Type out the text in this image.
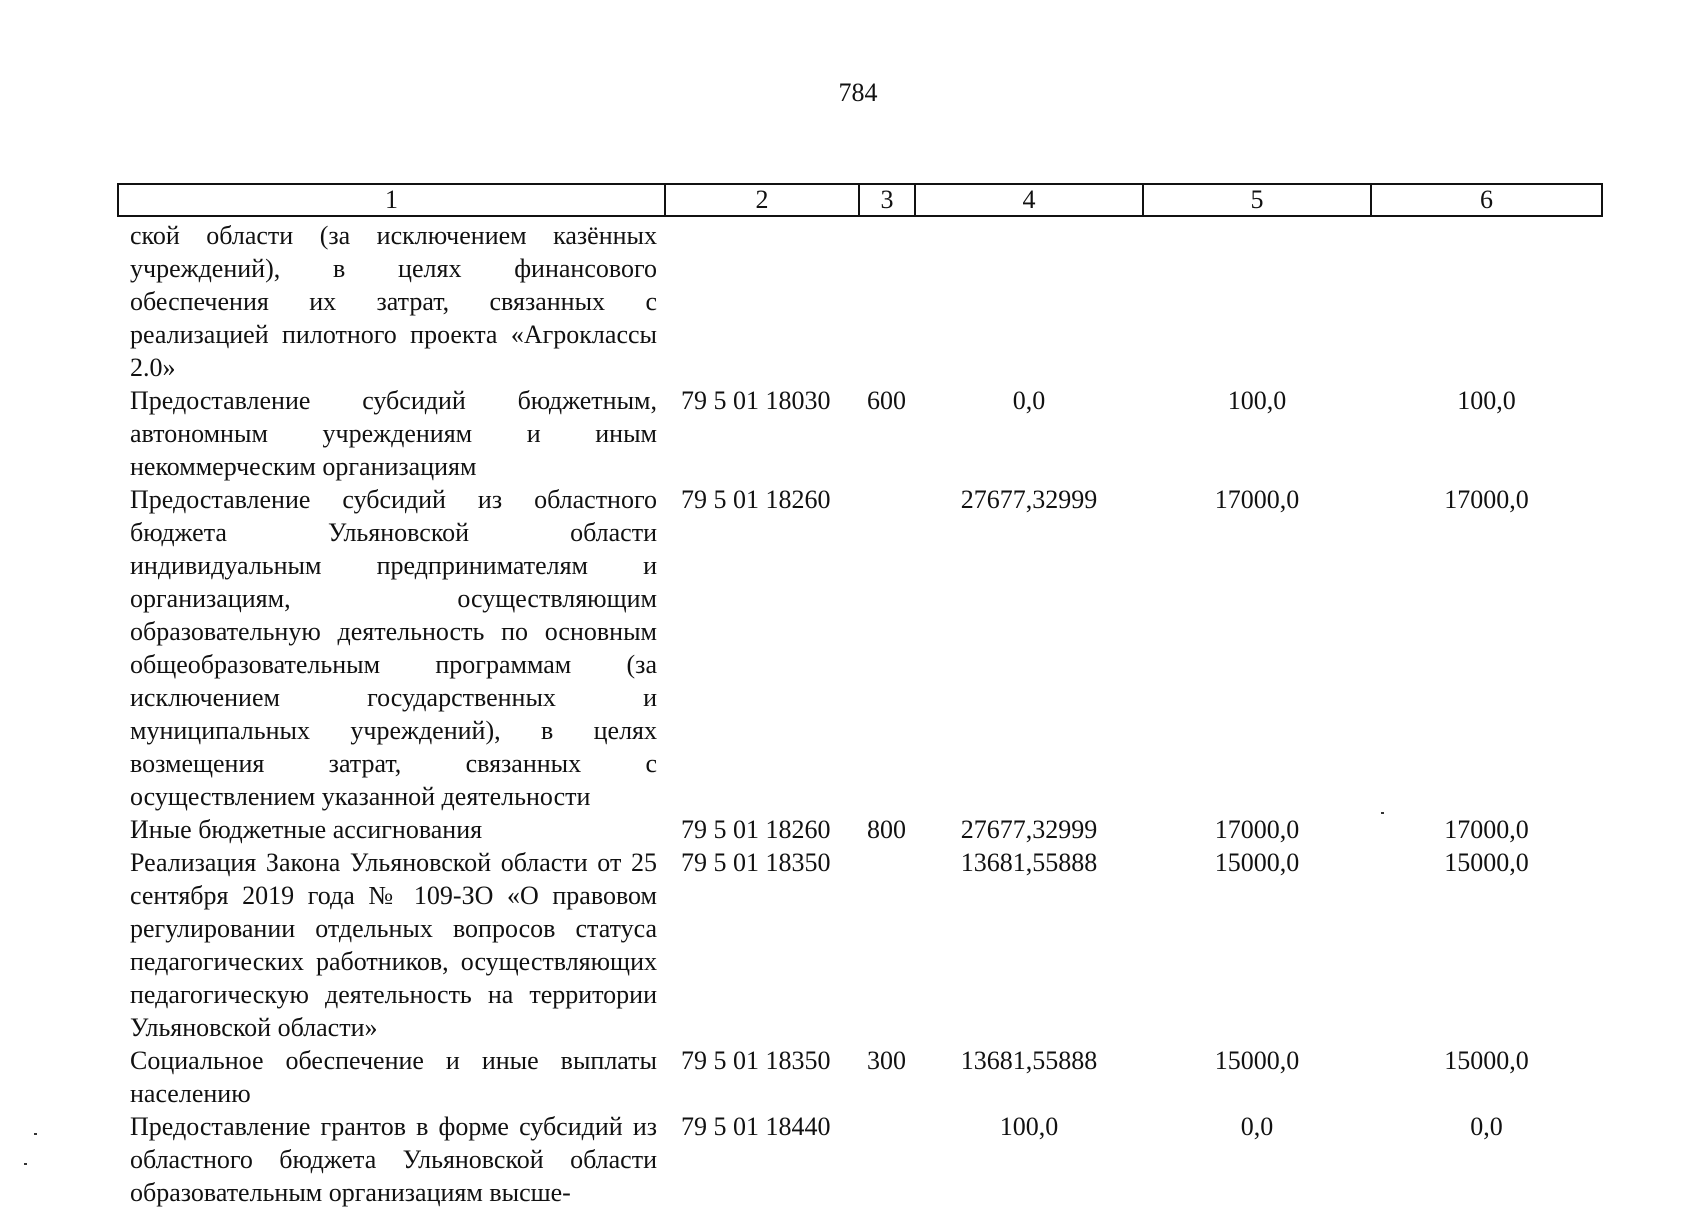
784
1	2	3	4	5	6
ской области (за исключением казённых учреждений), в целях финансового обеспечения их затрат, связанных с реализацией пилотного проекта «Агроклассы 2.0»					
Предоставление субсидий бюджетным, автономным учреждениям и иным некоммерческим организациям	79 5 01 18030	600	0,0	100,0	100,0
Предоставление субсидий из областного бюджета Ульяновской области индивидуальным предпринимателям и организациям, осуществляющим образовательную деятельность по основным общеобразовательным программам (за исключением государственных и муниципальных учреждений), в целях возмещения затрат, связанных с осуществлением указанной деятельности	79 5 01 18260		27677,32999	17000,0	17000,0
Иные бюджетные ассигнования	79 5 01 18260	800	27677,32999	17000,0	17000,0
Реализация Закона Ульяновской области от 25 сентября 2019 года № 109-ЗО «О правовом регулировании отдельных вопросов статуса педагогических работников, осуществляющих педагогическую деятельность на территории Ульяновской области»	79 5 01 18350		13681,55888	15000,0	15000,0
Социальное обеспечение и иные выплаты населению	79 5 01 18350	300	13681,55888	15000,0	15000,0
Предоставление грантов в форме субсидий из областного бюджета Ульяновской области образовательным организациям высше-	79 5 01 18440		100,0	0,0	0,0
